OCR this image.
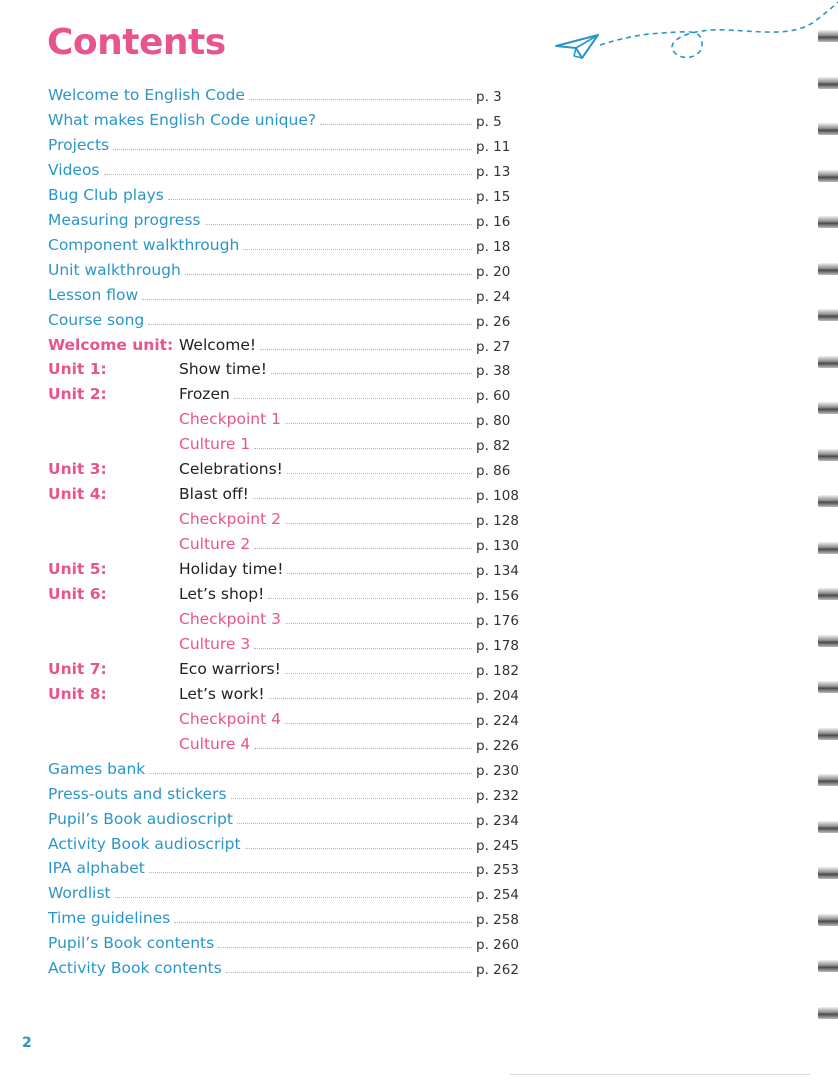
Contents
Welcome to English Code	p. 3
What makes English Code unique?	p. 5
Projects	p. 11
Videos	p. 13
Bug Club plays	p. 15
Measuring progress	p. 16
Component walkthrough	p. 18
Unit walkthrough	p. 20
Lesson flow	p. 24
Course song	p. 26
Welcome unit: Welcome!	p. 27
Unit 1:	Show time!	p. 38
Unit 2:	Frozen	p. 60
Checkpoint 1	p. 80
Culture 1	p. 82
Unit 3:	Celebrations!	p. 86
Unit 4:	Blast off!	p. 108
Checkpoint 2	p. 128
Culture 2	p. 130
Unit 5:	Holiday time!	p. 134
Unit 6:	Let’s shop!	p. 156
Checkpoint 3	p. 176
Culture 3	p. 178
Unit 7:	Eco warriors!	p. 182
Unit 8:	Let’s work!	p. 204
Checkpoint 4	p. 224
Culture 4	p. 226
Games bank	p. 230
Press-outs and stickers	p. 232
Pupil’s Book audioscript	p. 234
Activity Book audioscript	p. 245
IPA alphabet	p. 253
Wordlist	p. 254
Time guidelines	p. 258
Pupil’s Book contents	p. 260
Activity Book contents	p. 262
2
